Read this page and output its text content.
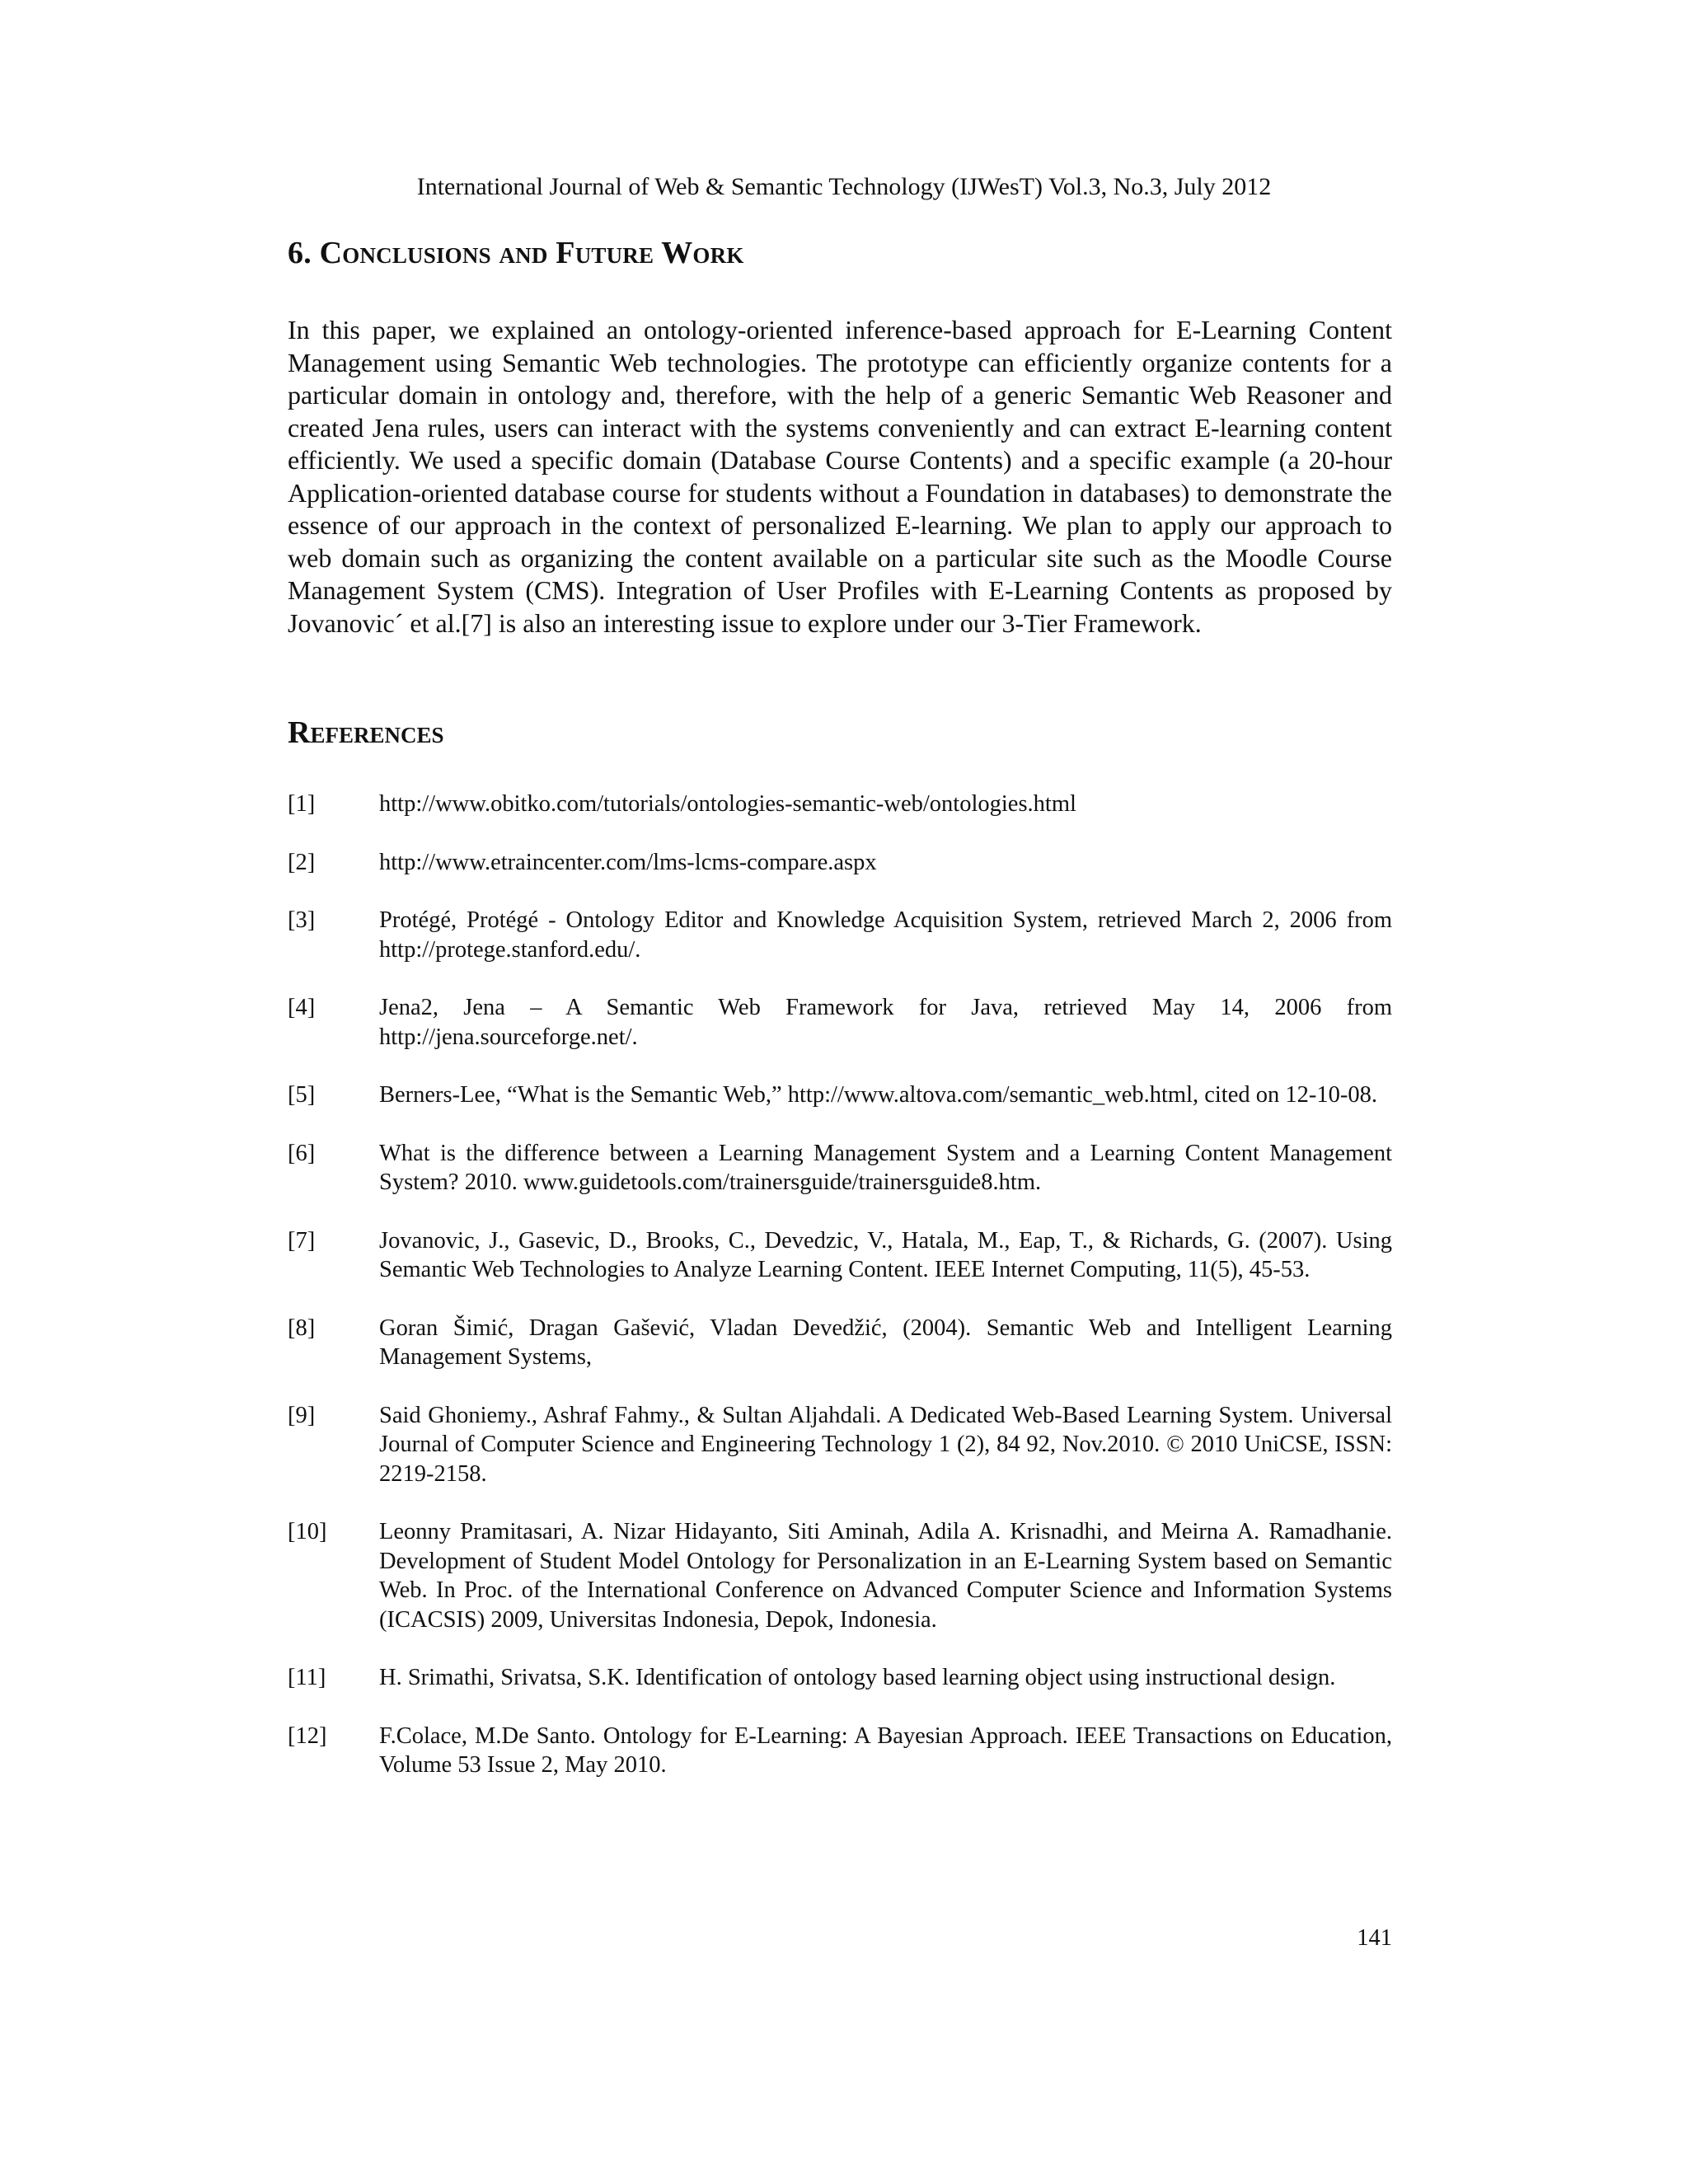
International Journal of Web & Semantic Technology (IJWesT) Vol.3, No.3, July 2012
6. Conclusions and Future Work

In this paper, we explained an ontology-oriented inference-based approach for E-Learning Content Management using Semantic Web technologies. The prototype can efficiently organize contents for a particular domain in ontology and, therefore, with the help of a generic Semantic Web Reasoner and created Jena rules, users can interact with the systems conveniently and can extract E-learning content efficiently. We used a specific domain (Database Course Contents) and a specific example (a 20-hour Application-oriented database course for students without a Foundation in databases) to demonstrate the essence of our approach in the context of personalized E-learning. We plan to apply our approach to web domain such as organizing the content available on a particular site such as the Moodle Course Management System (CMS). Integration of User Profiles with E-Learning Contents as proposed by Jovanovic´ et al.[7] is also an interesting issue to explore under our 3-Tier Framework.

References
[1]	http://www.obitko.com/tutorials/ontologies-semantic-web/ontologies.html
[2]	http://www.etraincenter.com/lms-lcms-compare.aspx
[3]	Protégé, Protégé - Ontology Editor and Knowledge Acquisition System, retrieved March 2, 2006 from http://protege.stanford.edu/.
[4]	Jena2, Jena – A Semantic Web Framework for Java, retrieved May 14, 2006 from http://jena.sourceforge.net/.
[5]	Berners-Lee, “What is the Semantic Web,” http://www.altova.com/semantic_web.html, cited on 12-10-08.
[6]	What is the difference between a Learning Management System and a Learning Content Management System? 2010. www.guidetools.com/trainersguide/trainersguide8.htm.
[7]	Jovanovic, J., Gasevic, D., Brooks, C., Devedzic, V., Hatala, M., Eap, T., & Richards, G. (2007). Using Semantic Web Technologies to Analyze Learning Content. IEEE Internet Computing, 11(5), 45-53.
[8]	Goran Šimić, Dragan Gašević, Vladan Devedžić, (2004). Semantic Web and Intelligent Learning Management Systems,
[9]	Said Ghoniemy., Ashraf Fahmy., & Sultan Aljahdali. A Dedicated Web-Based Learning System. Universal Journal of Computer Science and Engineering Technology 1 (2), 84 92, Nov.2010. © 2010 UniCSE, ISSN: 2219-2158.
[10]	Leonny Pramitasari, A. Nizar Hidayanto, Siti Aminah, Adila A. Krisnadhi, and Meirna A. Ramadhanie. Development of Student Model Ontology for Personalization in an E-Learning System based on Semantic Web. In Proc. of the International Conference on Advanced Computer Science and Information Systems (ICACSIS) 2009, Universitas Indonesia, Depok, Indonesia.
[11]	H. Srimathi, Srivatsa, S.K. Identification of ontology based learning object using instructional design.
[12]	F.Colace, M.De Santo. Ontology for E-Learning: A Bayesian Approach. IEEE Transactions on Education, Volume 53 Issue 2, May 2010.
141
